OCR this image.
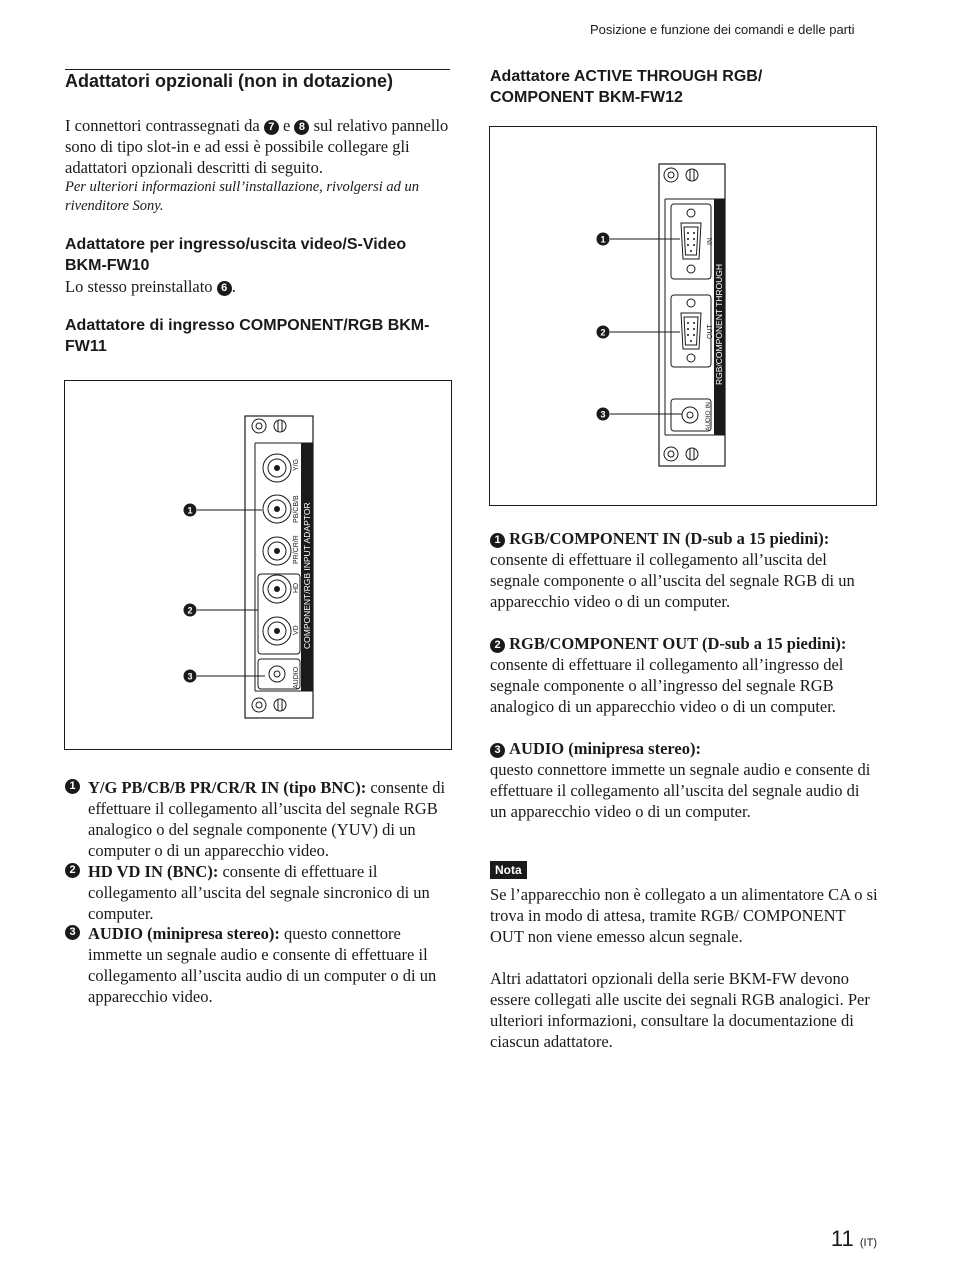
Posizione e funzione dei comandi e delle parti
Adattatori opzionali (non in dotazione)
I connettori contrassegnati da 7 e 8 sul relativo pannello sono di tipo slot-in e ad essi è possibile collegare gli adattatori opzionali descritti di seguito.
Per ulteriori informazioni sull’installazione, rivolgersi ad un rivenditore Sony.
Adattatore per ingresso/uscita video/S-Video BKM-FW10
Lo stesso preinstallato 6 .
Adattatore di ingresso COMPONENT/RGB BKM-FW11
Y/G
PB/CB/B
PR/CR/R
HD
VD
AUDIO
COMPONENT/RGB INPUT ADAPTOR
1
2
3
1 Y/G PB/CB/B PR/CR/R IN (tipo BNC): consente di effettuare il collegamento all’uscita del segnale RGB analogico o del segnale componente (YUV) di un computer o di un apparecchio video.
2 HD VD IN (BNC): consente di effettuare il collegamento all’uscita del segnale sincronico di un computer.
3 AUDIO (minipresa stereo): questo connettore immette un segnale audio e consente di effettuare il collegamento all’uscita audio di un computer o di un apparecchio video.
Adattatore ACTIVE THROUGH RGB/ COMPONENT BKM-FW12
IN
OUT
AUDIO IN
RGB/COMPONENT THROUGH
1
2
3
1 RGB/COMPONENT IN (D-sub a 15 piedini):
consente di effettuare il collegamento all’uscita del segnale componente o all’uscita del segnale RGB di un apparecchio video o di un computer.
2 RGB/COMPONENT OUT (D-sub a 15 piedini):
consente di effettuare il collegamento all’ingresso del segnale componente o all’ingresso del segnale RGB analogico di un apparecchio video o di un computer.
3 AUDIO (minipresa stereo):
questo connettore immette un segnale audio e consente di effettuare il collegamento all’uscita del segnale audio di un apparecchio video o di un computer.
Nota
Se l’apparecchio non è collegato a un alimentatore CA o si trova in modo di attesa, tramite RGB/ COMPONENT OUT non viene emesso alcun segnale.
Altri adattatori opzionali della serie BKM-FW devono essere collegati alle uscite dei segnali RGB analogici. Per ulteriori informazioni, consultare la documentazione di ciascun adattatore.
11 (IT)
